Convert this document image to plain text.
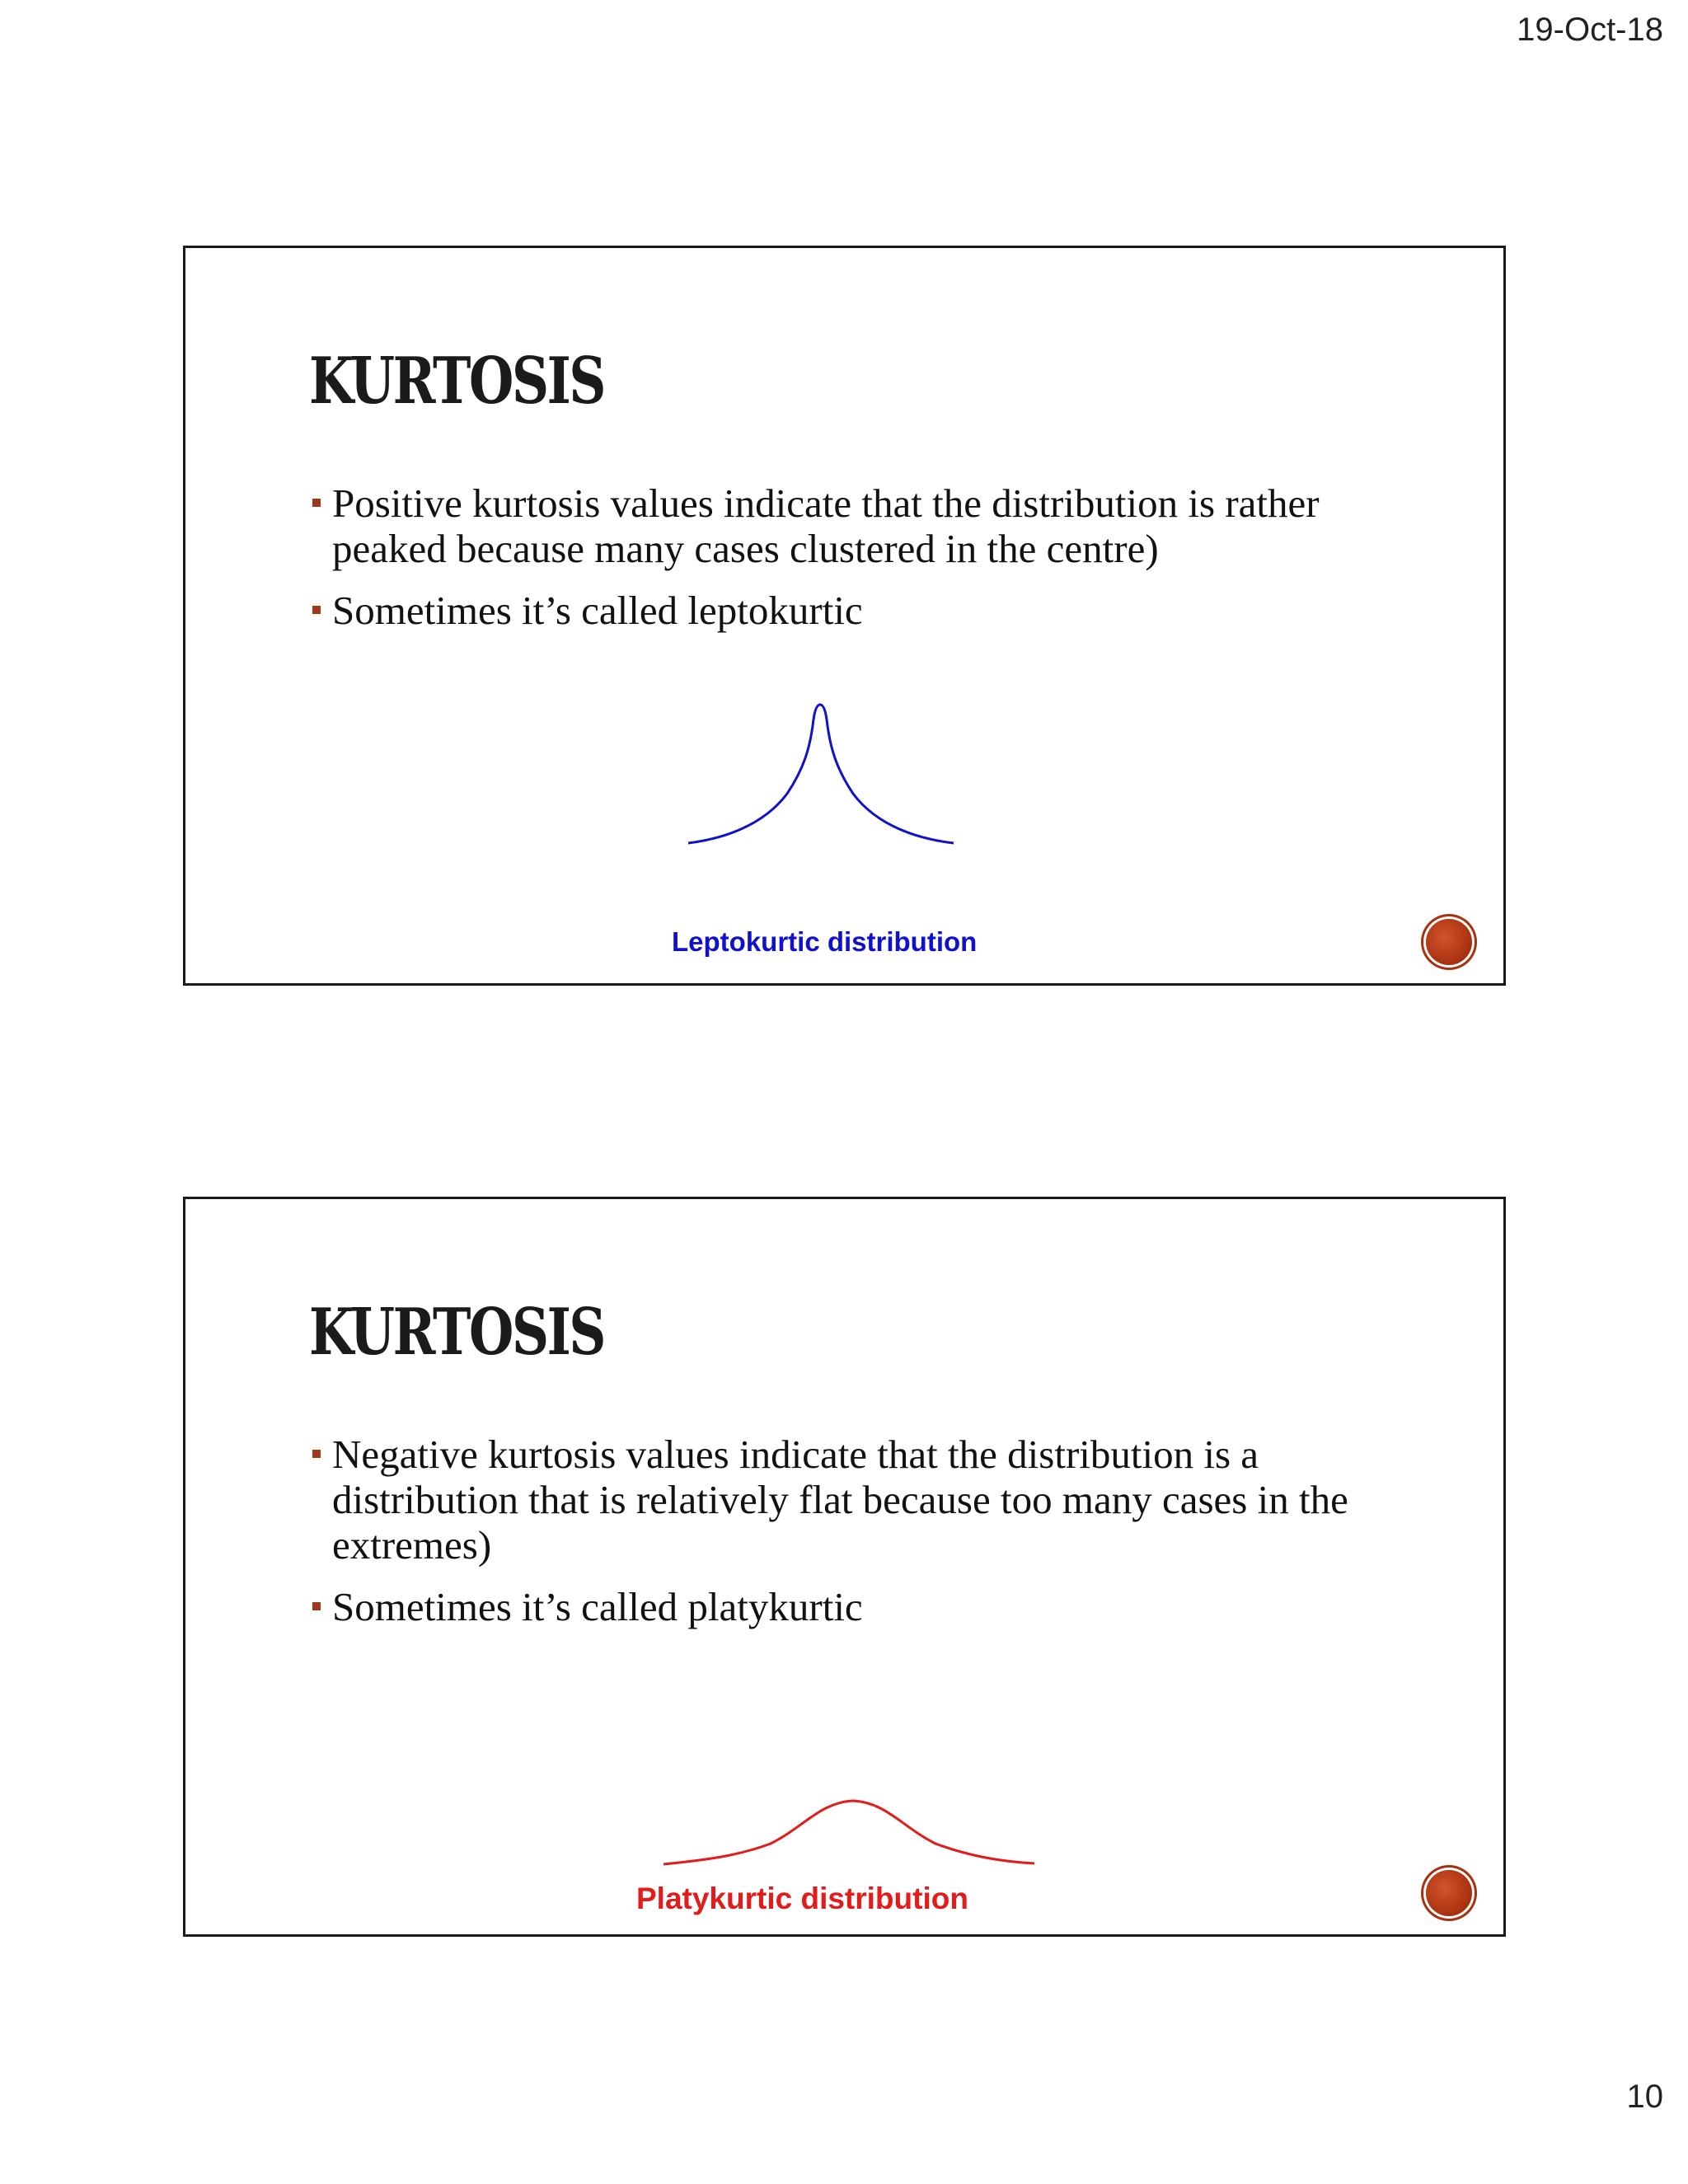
19-Oct-18
KURTOSIS
Positive kurtosis values indicate that the distribution is rather peaked because many cases clustered in the centre)
Sometimes it’s called leptokurtic
Leptokurtic distribution
KURTOSIS
Negative kurtosis values indicate that the distribution is a distribution that is relatively flat because too many cases in the extremes)
Sometimes it’s called platykurtic
Platykurtic distribution
10
